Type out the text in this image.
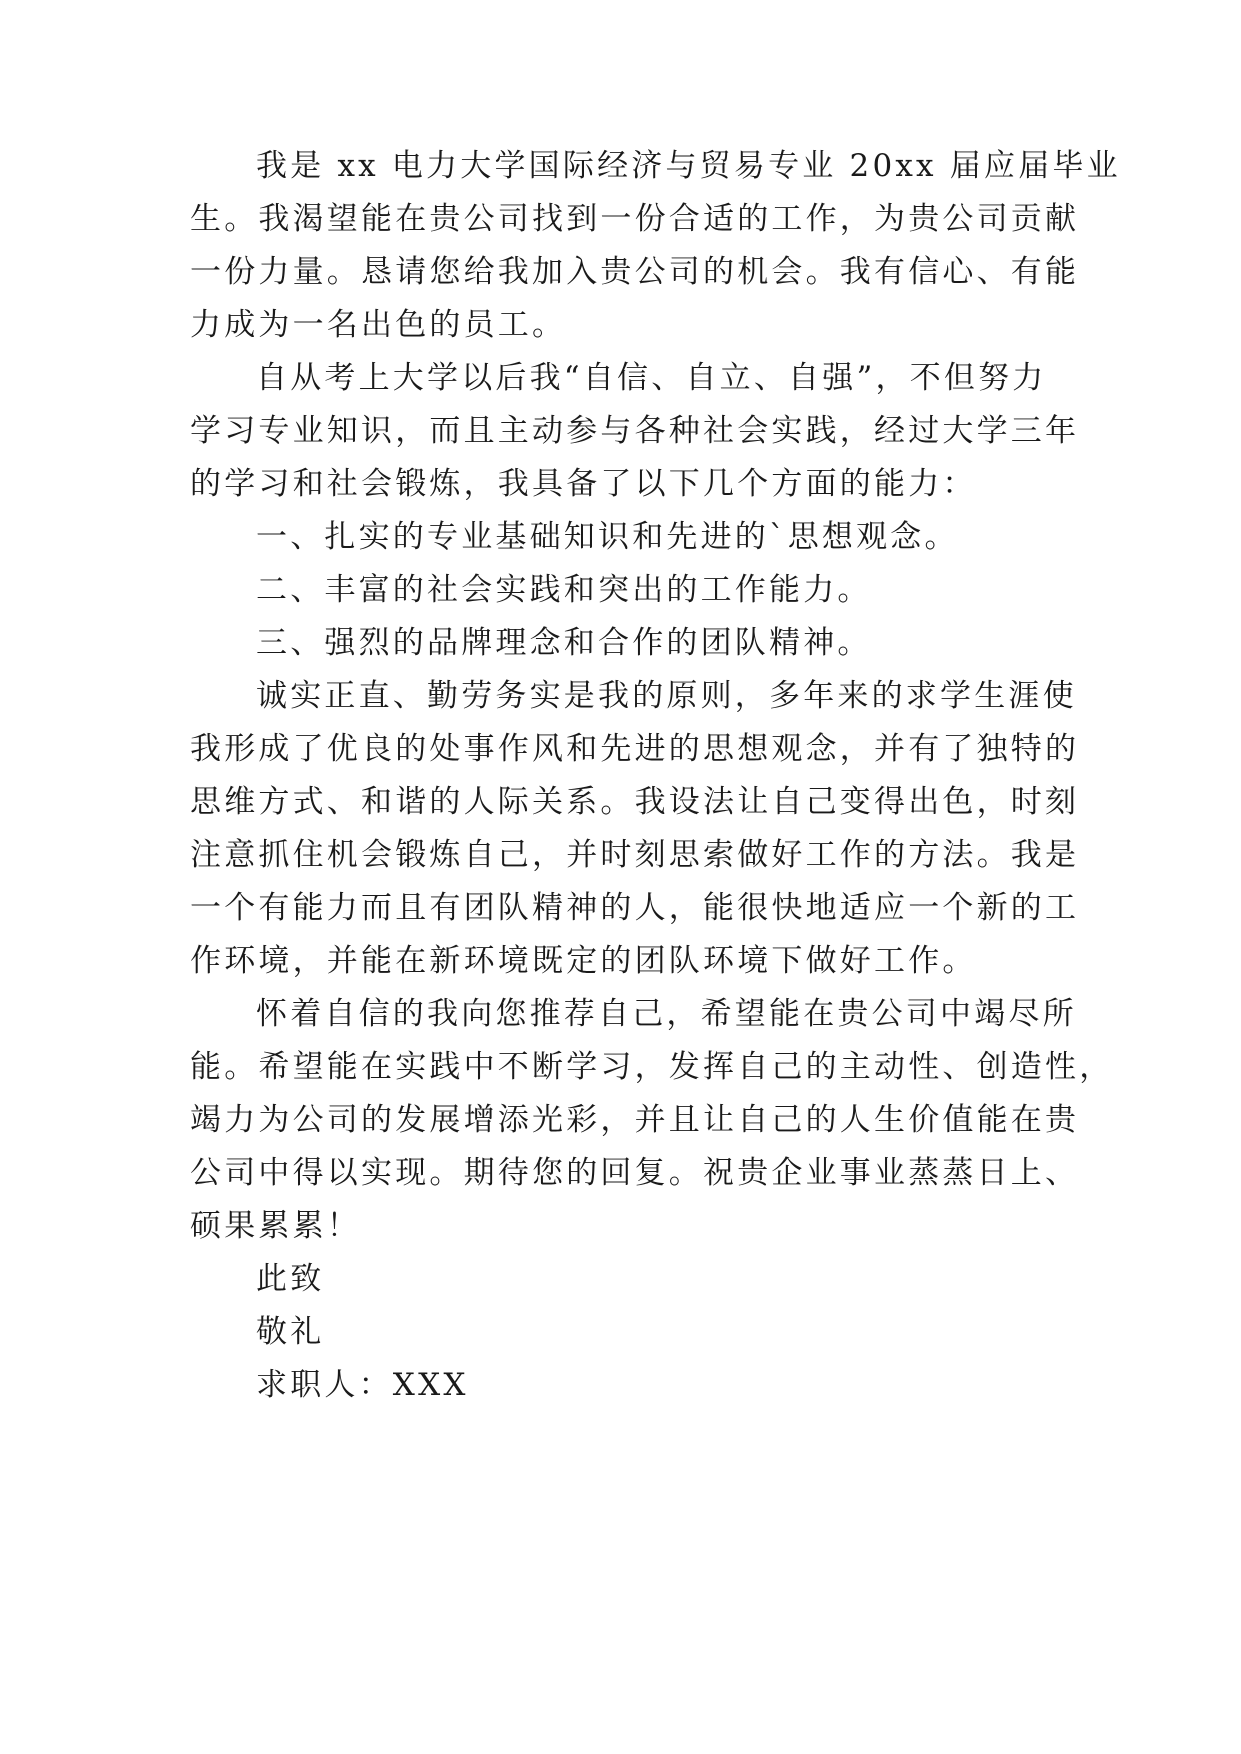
我是 xx 电力大学国际经济与贸易专业 20xx 届应届毕业
生。我渴望能在贵公司找到一份合适的工作，为贵公司贡献
一份力量。恳请您给我加入贵公司的机会。我有信心、有能
力成为一名出色的员工。
自从考上大学以后我“自信、自立、自强”，不但努力
学习专业知识，而且主动参与各种社会实践，经过大学三年
的学习和社会锻炼，我具备了以下几个方面的能力：
一、扎实的专业基础知识和先进的`思想观念。
二、丰富的社会实践和突出的工作能力。
三、强烈的品牌理念和合作的团队精神。
诚实正直、勤劳务实是我的原则，多年来的求学生涯使
我形成了优良的处事作风和先进的思想观念，并有了独特的
思维方式、和谐的人际关系。我设法让自己变得出色，时刻
注意抓住机会锻炼自己，并时刻思索做好工作的方法。我是
一个有能力而且有团队精神的人，能很快地适应一个新的工
作环境，并能在新环境既定的团队环境下做好工作。
怀着自信的我向您推荐自己，希望能在贵公司中竭尽所
能。希望能在实践中不断学习，发挥自己的主动性、创造性，
竭力为公司的发展增添光彩，并且让自己的人生价值能在贵
公司中得以实现。期待您的回复。祝贵企业事业蒸蒸日上、
硕果累累！
此致
敬礼
求职人：XXX
